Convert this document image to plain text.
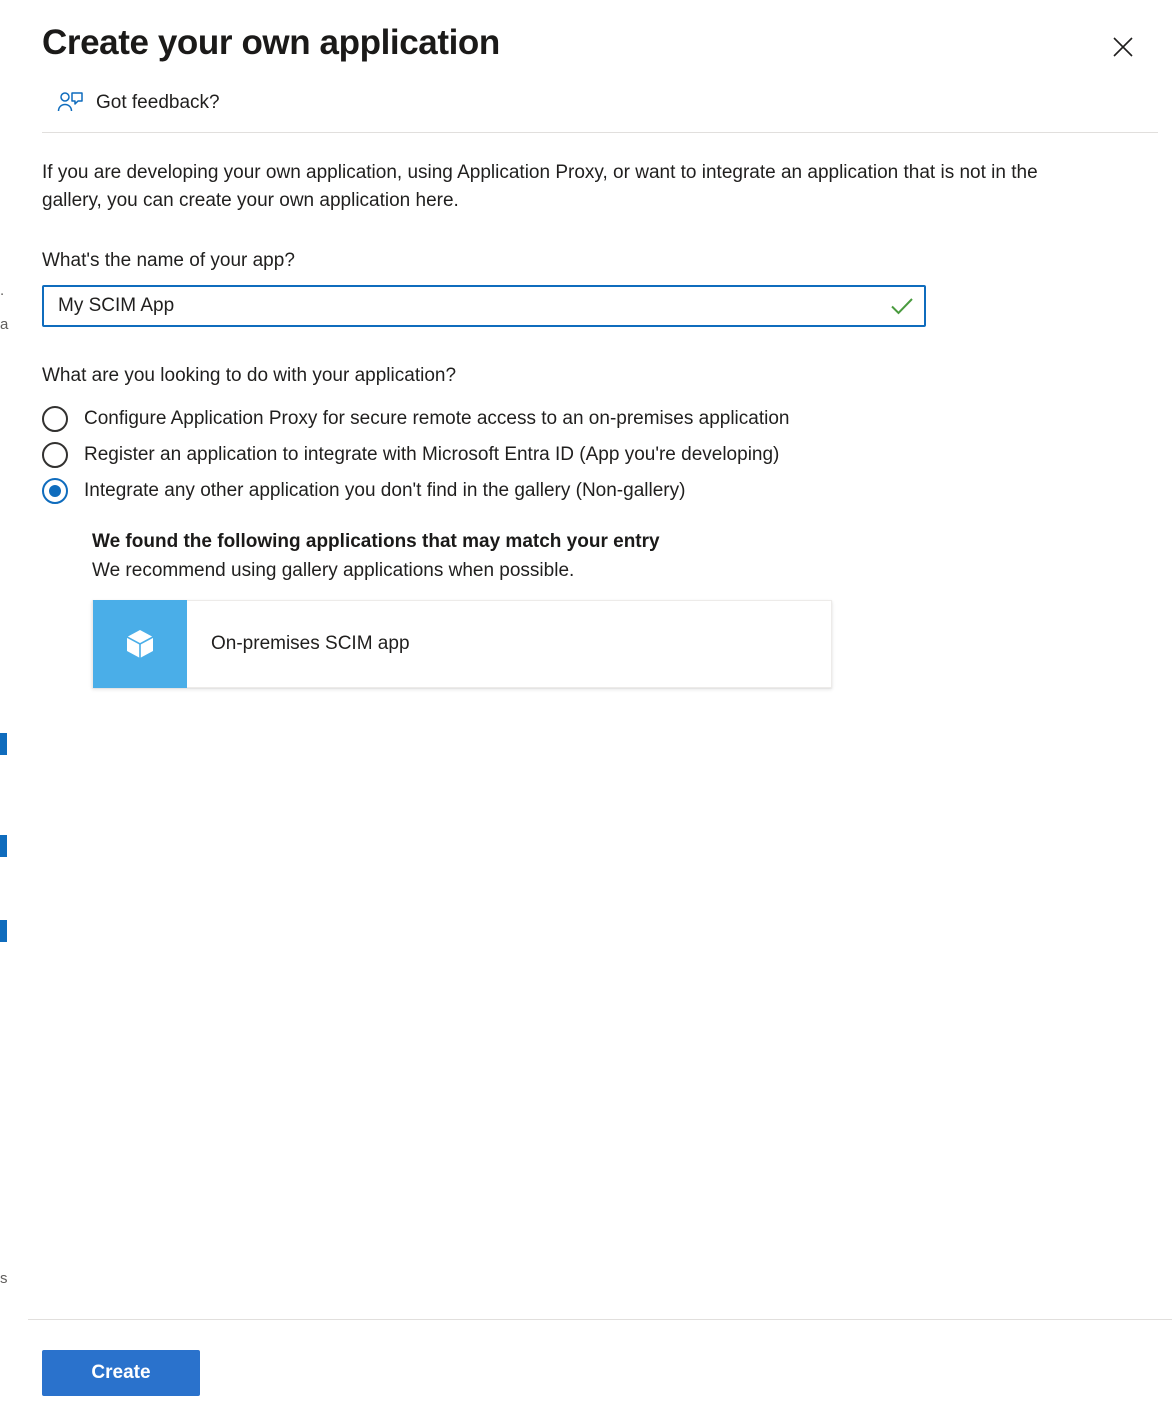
.
a
s
Create your own application
Got feedback?

If you are developing your own application, using Application Proxy, or want to integrate an application that is not in the gallery, you can create your own application here.

What's the name of your app?
My SCIM App
What are you looking to do with your application?
Configure Application Proxy for secure remote access to an on-premises application
Register an application to integrate with Microsoft Entra ID (App you're developing)
Integrate any other application you don't find in the gallery (Non-gallery)
We found the following applications that may match your entry
We recommend using gallery applications when possible.
On-premises SCIM app
Create
